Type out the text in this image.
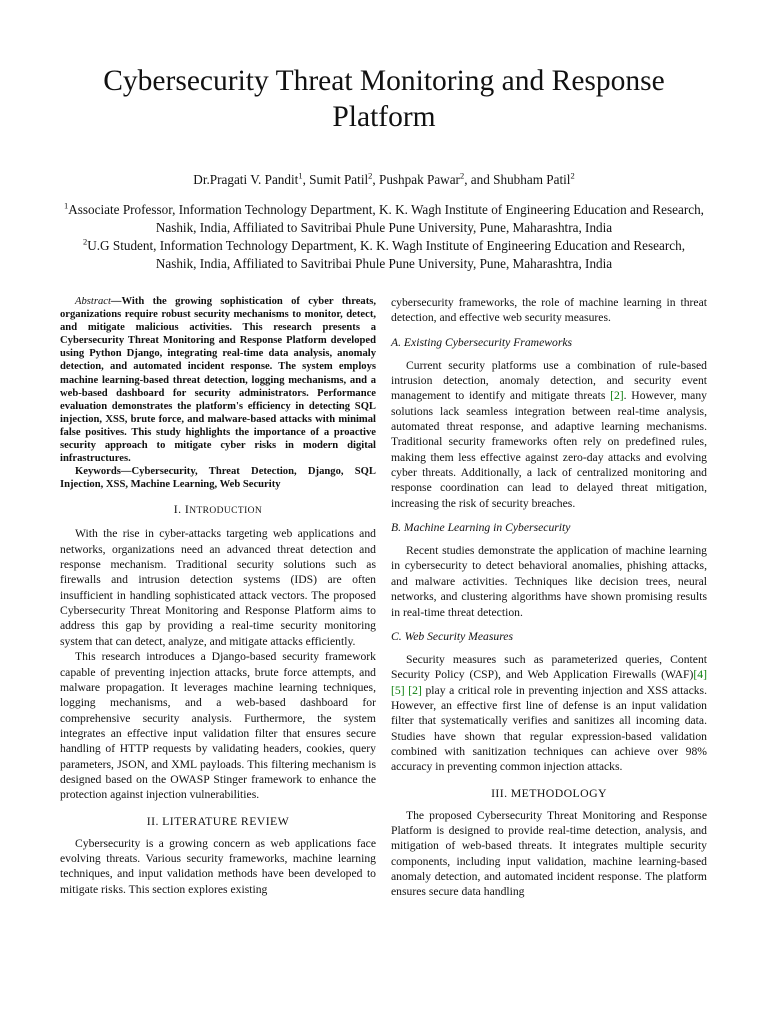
Cybersecurity Threat Monitoring and Response
Platform
Dr.Pragati V. Pandit$^1$, Sumit Patil$^2$, Pushpak Pawar$^2$, and Shubham Patil$^2$

$^1$Associate Professor, Information Technology Department, K. K. Wagh Institute of Engineering Education and Research,

Nashik, India, Affiliated to Savitribai Phule Pune University, Pune, Maharashtra, India

$^2$U.G Student, Information Technology Department, K. K. Wagh Institute of Engineering Education and Research,

Nashik, India, Affiliated to Savitribai Phule Pune University, Pune, Maharashtra, India

Abstract—With the growing sophistication of cyber threats, organizations require robust security mechanisms to monitor, detect, and mitigate malicious activities. This research presents a Cybersecurity Threat Monitoring and Response Platform developed using Python Django, integrating real-time data analysis, anomaly detection, and automated incident response. The system employs machine learning-based threat detection, logging mechanisms, and a web-based dashboard for security administrators. Performance evaluation demonstrates the platform's efficiency in detecting SQL injection, XSS, brute force, and malware-based attacks with minimal false positives. This study highlights the importance of a proactive security approach to mitigate cyber risks in modern digital infrastructures.

Keywords—Cybersecurity, Threat Detection, Django, SQL Injection, XSS, Machine Learning, Web Security

I. INTRODUCTION

With the rise in cyber-attacks targeting web applications and networks, organizations need an advanced threat detection and response mechanism. Traditional security solutions such as firewalls and intrusion detection systems (IDS) are often insufficient in handling sophisticated attack vectors. The proposed Cybersecurity Threat Monitoring and Response Platform aims to address this gap by providing a real-time security monitoring system that can detect, analyze, and mitigate attacks efficiently.

This research introduces a Django-based security framework capable of preventing injection attacks, brute force attempts, and malware propagation. It leverages machine learning techniques, logging mechanisms, and a web-based dashboard for comprehensive security analysis. Furthermore, the system integrates an effective input validation filter that ensures secure handling of HTTP requests by validating headers, cookies, query parameters, JSON, and XML payloads. This filtering mechanism is designed based on the OWASP Stinger framework to enhance the protection against injection vulnerabilities.

II. LITERATURE REVIEW

Cybersecurity is a growing concern as web applications face evolving threats. Various security frameworks, machine learning techniques, and input validation methods have been developed to mitigate risks. This section explores existing

cybersecurity frameworks, the role of machine learning in threat detection, and effective web security measures.

A. Existing Cybersecurity Frameworks

Current security platforms use a combination of rule-based intrusion detection, anomaly detection, and security event management to identify and mitigate threats [2]. However, many solutions lack seamless integration between real-time analysis, automated threat response, and adaptive learning mechanisms. Traditional security frameworks often rely on predefined rules, making them less effective against zero-day attacks and evolving cyber threats. Additionally, a lack of centralized monitoring and response coordination can lead to delayed threat mitigation, increasing the risk of security breaches.

B. Machine Learning in Cybersecurity

Recent studies demonstrate the application of machine learning in cybersecurity to detect behavioral anomalies, phishing attacks, and malware activities. Techniques like decision trees, neural networks, and clustering algorithms have shown promising results in real-time threat detection.

C. Web Security Measures

Security measures such as parameterized queries, Content Security Policy (CSP), and Web Application Firewalls (WAF)[4] [5] [2] play a critical role in preventing injection and XSS attacks. However, an effective first line of defense is an input validation filter that systematically verifies and sanitizes all incoming data. Studies have shown that regular expression-based validation combined with sanitization techniques can achieve over 98% accuracy in preventing common injection attacks.

III. METHODOLOGY

The proposed Cybersecurity Threat Monitoring and Response Platform is designed to provide real-time detection, analysis, and mitigation of web-based threats. It integrates multiple security components, including input validation, machine learning-based anomaly detection, and automated incident response. The platform ensures secure data handling
